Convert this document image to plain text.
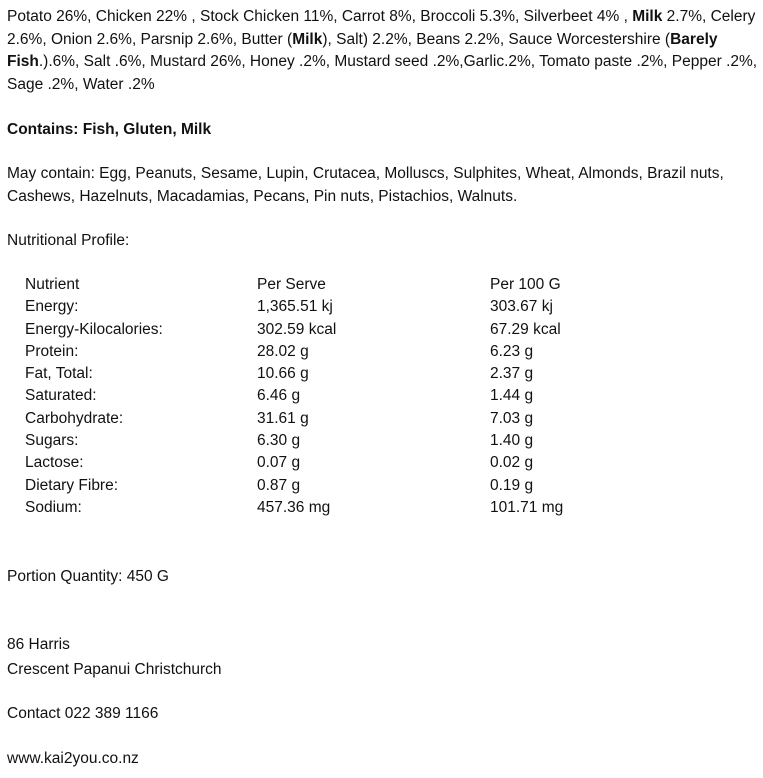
Potato 26%, Chicken 22% , Stock Chicken 11%, Carrot 8%, Broccoli 5.3%, Silverbeet 4% , Milk 2.7%, Celery 2.6%, Onion 2.6%, Parsnip 2.6%, Butter (Milk), Salt) 2.2%, Beans 2.2%, Sauce Worcestershire (Barely Fish.).6%, Salt .6%, Mustard 26%, Honey .2%, Mustard seed .2%,Garlic.2%, Tomato paste .2%, Pepper .2%, Sage .2%, Water .2%

Contains: Fish, Gluten, Milk

May contain: Egg, Peanuts, Sesame, Lupin, Crutacea, Molluscs, Sulphites, Wheat, Almonds, Brazil nuts, Cashews, Hazelnuts, Macadamias, Pecans, Pin nuts, Pistachios, Walnuts.

Nutritional Profile:

Nutrient	Per Serve	Per 100 G
Energy:	1,365.51 kj	303.67 kj
Energy-Kilocalories:	302.59 kcal	67.29 kcal
Protein:	28.02 g	6.23 g
Fat, Total:	10.66 g	2.37 g
Saturated:	6.46 g	1.44 g
Carbohydrate:	31.61 g	7.03 g
Sugars:	6.30 g	1.40 g
Lactose:	0.07 g	0.02 g
Dietary Fibre:	0.87 g	0.19 g
Sodium:	457.36 mg	101.71 mg

Portion Quantity: 450 G

86 Harris

Crescent Papanui Christchurch

Contact 022 389 1166

www.kai2you.co.nz
